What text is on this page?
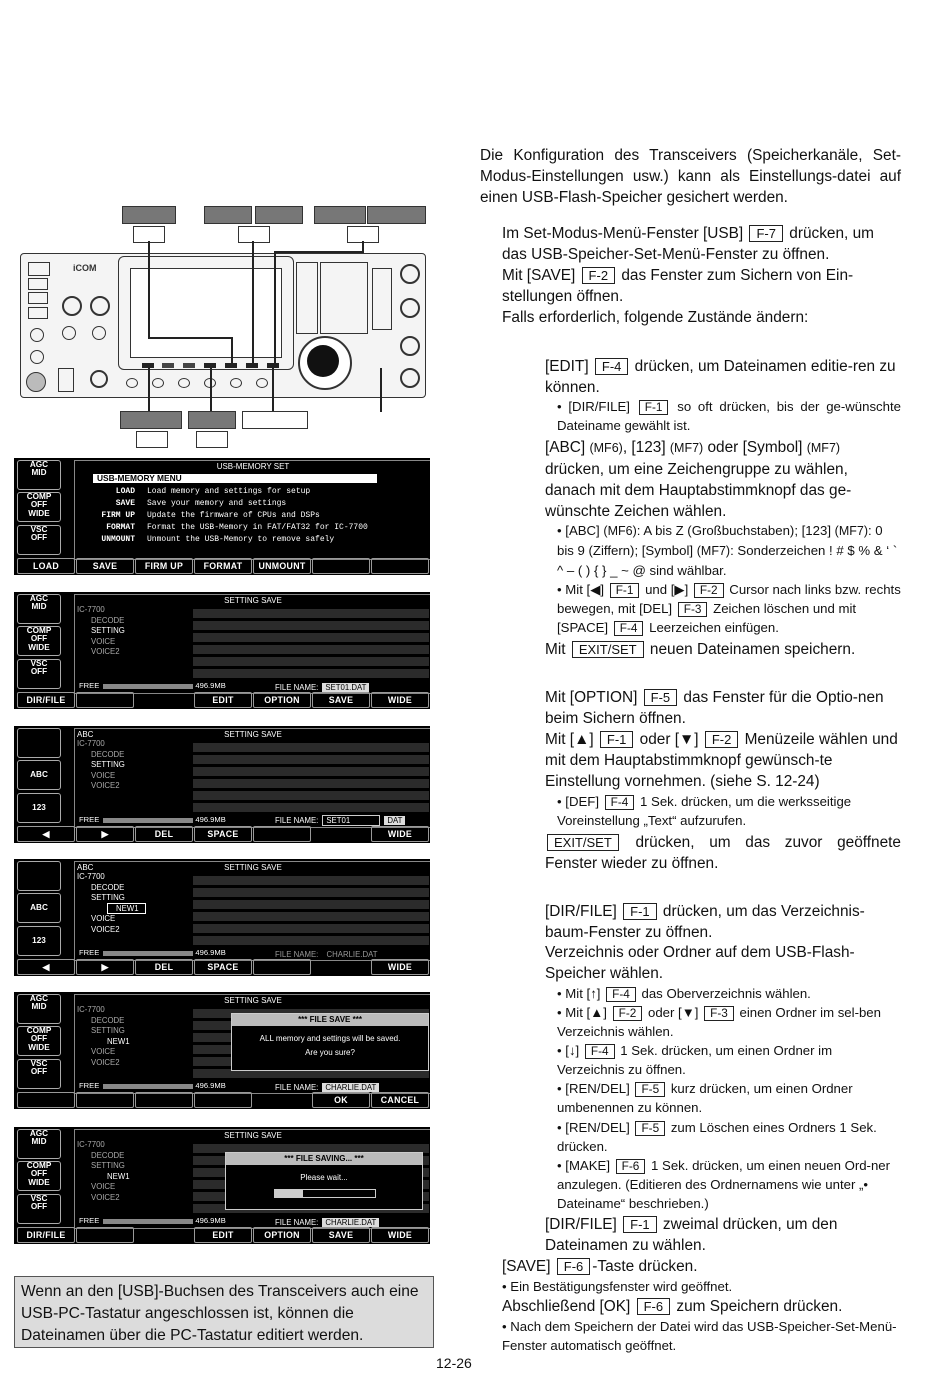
Die Konfiguration des Transceivers (Speicherkanäle, Set-Modus-Einstellungen usw.) kann als Einstellungs-datei auf einen USB-Flash-Speicher gesichert werden.
Im Set-Modus-Menü-Fenster [USB] F-7 drücken, um das USB-Speicher-Set-Menü-Fenster zu öffnen.
Mit [SAVE] F-2 das Fenster zum Sichern von Ein-stellungen öffnen.
Falls erforderlich, folgende Zustände ändern:
[EDIT] F-4 drücken, um Dateinamen editie-ren zu können.
• [DIR/FILE] F-1 so oft drücken, bis der ge-wünschte Dateiname gewählt ist.
[ABC] (MF6), [123] (MF7) oder [Symbol] (MF7) drücken, um eine Zeichengruppe zu wählen, danach mit dem Hauptabstimmknopf das ge-wünschte Zeichen wählen.
• [ABC] (MF6): A bis Z (Großbuchstaben); [123] (MF7): 0 bis 9 (Ziffern); [Symbol] (MF7): Sonderzeichen ! # $ % & ‘ ` ^ – ( ) { } _ ~ @ sind wählbar.
• Mit [◀] F-1 und [▶] F-2 Cursor nach links bzw. rechts bewegen, mit [DEL] F-3 Zeichen löschen und mit [SPACE] F-4 Leerzeichen einfügen.
Mit EXIT/SET neuen Dateinamen speichern.
Mit [OPTION] F-5 das Fenster für die Optio-nen beim Sichern öffnen.
Mit [▲] F-1 oder [▼] F-2 Menüzeile wählen und mit dem Hauptabstimmknopf gewünsch-te Einstellung vornehmen. (siehe S. 12-24)
• [DEF] F-4 1 Sek. drücken, um die werksseitige Voreinstellung „Text“ aufzurufen.
EXIT/SET drücken, um das zuvor geöffnete Fenster wieder zu öffnen.
[DIR/FILE] F-1 drücken, um das Verzeichnis-baum-Fenster zu öffnen.
Verzeichnis oder Ordner auf dem USB-Flash-Speicher wählen.
• Mit [↑] F-4 das Oberverzeichnis wählen.
• Mit [▲] F-2 oder [▼] F-3 einen Ordner im sel-ben Verzeichnis wählen.
• [↓] F-4 1 Sek. drücken, um einen Ordner im Verzeichnis zu öffnen.
• [REN/DEL] F-5 kurz drücken, um einen Ordner umbenennen zu können.
• [REN/DEL] F-5 zum Löschen eines Ordners 1 Sek. drücken.
• [MAKE] F-6 1 Sek. drücken, um einen neuen Ord-ner anzulegen. (Editieren des Ordnernamens wie unter „• Dateiname“ beschrieben.)
[DIR/FILE] F-1 zweimal drücken, um den Dateinamen zu wählen.
[SAVE] F-6 -Taste drücken.
• Ein Bestätigungsfenster wird geöffnet.
Abschließend [OK] F-6 zum Speichern drücken.
• Nach dem Speichern der Datei wird das USB-Speicher-Set-Menü-Fenster automatisch geöffnet.
iCOM
AGC
MID
COMP
OFF
WIDE
VSC
OFF
USB-MEMORY SET
USB-MEMORY MENU
LOAD Load memory and settings for setup
SAVE Save your memory and settings
FIRM UP Update the firmware of CPUs and DSPs
FORMAT Format the USB-Memory in FAT/FAT32 for IC-7700
UNMOUNT Unmount the USB-Memory to remove safely
LOAD	SAVE	FIRM UP	FORMAT	UNMOUNT
AGC
MID
COMP
OFF
WIDE
VSC
OFF
SETTING SAVE
IC-7700
DECODE
SETTING
VOICE
VOICE2
FREE	496.9MB	FILE NAME: SET01.DAT
DIR/FILE	EDIT	OPTION	SAVE	WIDE
ABC
123
ABC	SETTING SAVE
IC-7700
DECODE
SETTING
VOICE
VOICE2
FREE	496.9MB	FILE NAME: SET01	DAT
◀	▶	DEL	SPACE	WIDE
ABC
123
ABC	SETTING SAVE
IC-7700
DECODE
SETTING
NEW1
VOICE
VOICE2
FREE	496.9MB	FILE NAME: CHARLIE.DAT
◀	▶	DEL	SPACE	WIDE
AGC
MID
COMP
OFF
WIDE
VSC
OFF
SETTING SAVE
IC-7700
DECODE
SETTING
NEW1
VOICE
VOICE2
*** FILE SAVE ***
ALL memory and settings will be saved.
Are you sure?
FREE	496.9MB	FILE NAME: CHARLIE.DAT
OK	CANCEL
AGC
MID
COMP
OFF
WIDE
VSC
OFF
SETTING SAVE
IC-7700
DECODE
SETTING
NEW1
VOICE
VOICE2
*** FILE SAVING... ***
Please wait...
FREE	496.9MB	FILE NAME: CHARLIE.DAT
DIR/FILE	EDIT	OPTION	SAVE	WIDE
Wenn an den [USB]-Buchsen des Transceivers auch eine USB-PC-Tastatur angeschlossen ist, können die Dateinamen über die PC-Tastatur editiert werden.
12-26
